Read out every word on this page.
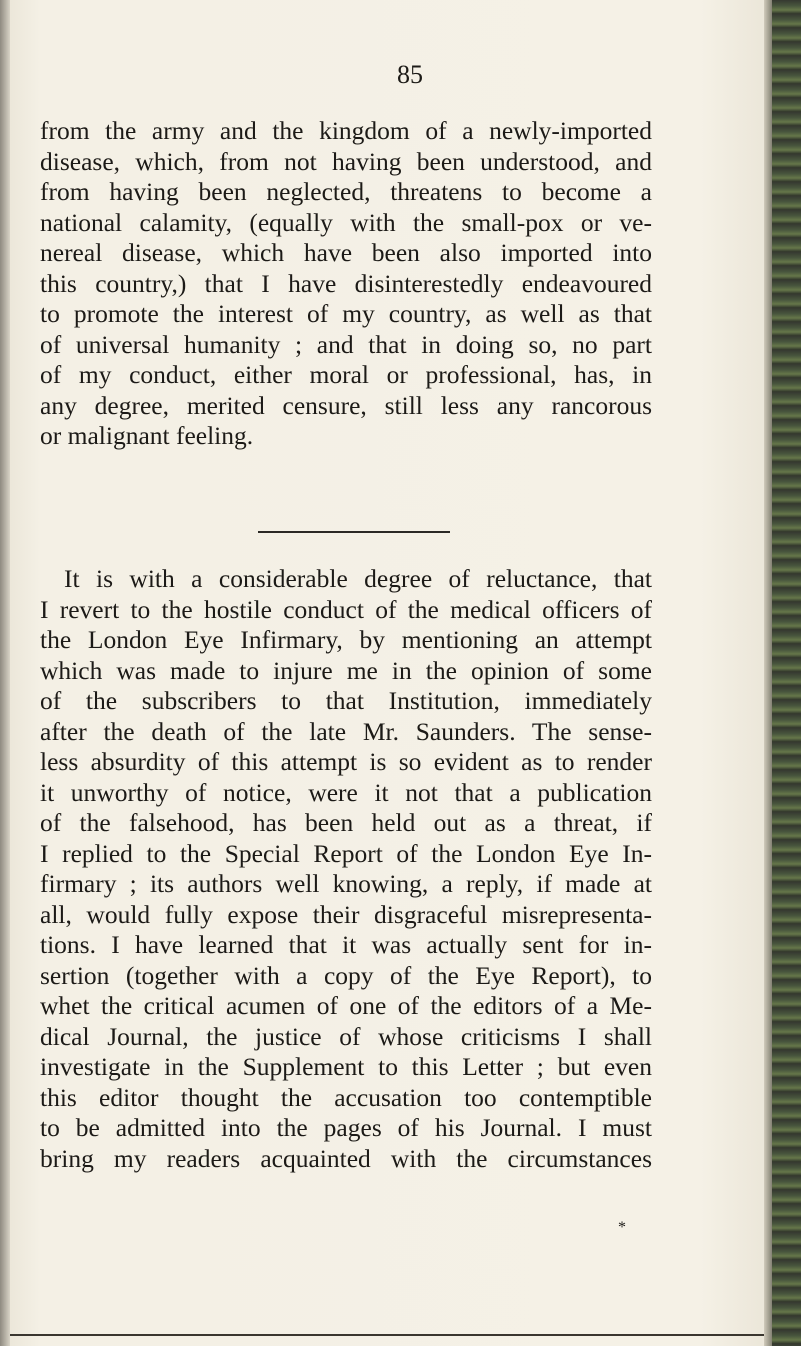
85
from the army and the kingdom of a newly-imported
disease, which, from not having been understood, and
from having been neglected, threatens to become a
national calamity, (equally with the small-pox or ve-
nereal disease, which have been also imported into
this country,) that I have disinterestedly endeavoured
to promote the interest of my country, as well as that
of universal humanity ; and that in doing so, no part
of my conduct, either moral or professional, has, in
any degree, merited censure, still less any rancorous
or malignant feeling.
It is with a considerable degree of reluctance, that
I revert to the hostile conduct of the medical officers of
the London Eye Infirmary, by mentioning an attempt
which was made to injure me in the opinion of some
of the subscribers to that Institution, immediately
after the death of the late Mr. Saunders. The sense-
less absurdity of this attempt is so evident as to render
it unworthy of notice, were it not that a publication
of the falsehood, has been held out as a threat, if
I replied to the Special Report of the London Eye In-
firmary ; its authors well knowing, a reply, if made at
all, would fully expose their disgraceful misrepresenta-
tions. I have learned that it was actually sent for in-
sertion (together with a copy of the Eye Report), to
whet the critical acumen of one of the editors of a Me-
dical Journal, the justice of whose criticisms I shall
investigate in the Supplement to this Letter ; but even
this editor thought the accusation too contemptible
to be admitted into the pages of his Journal. I must
bring my readers acquainted with the circumstances
*
